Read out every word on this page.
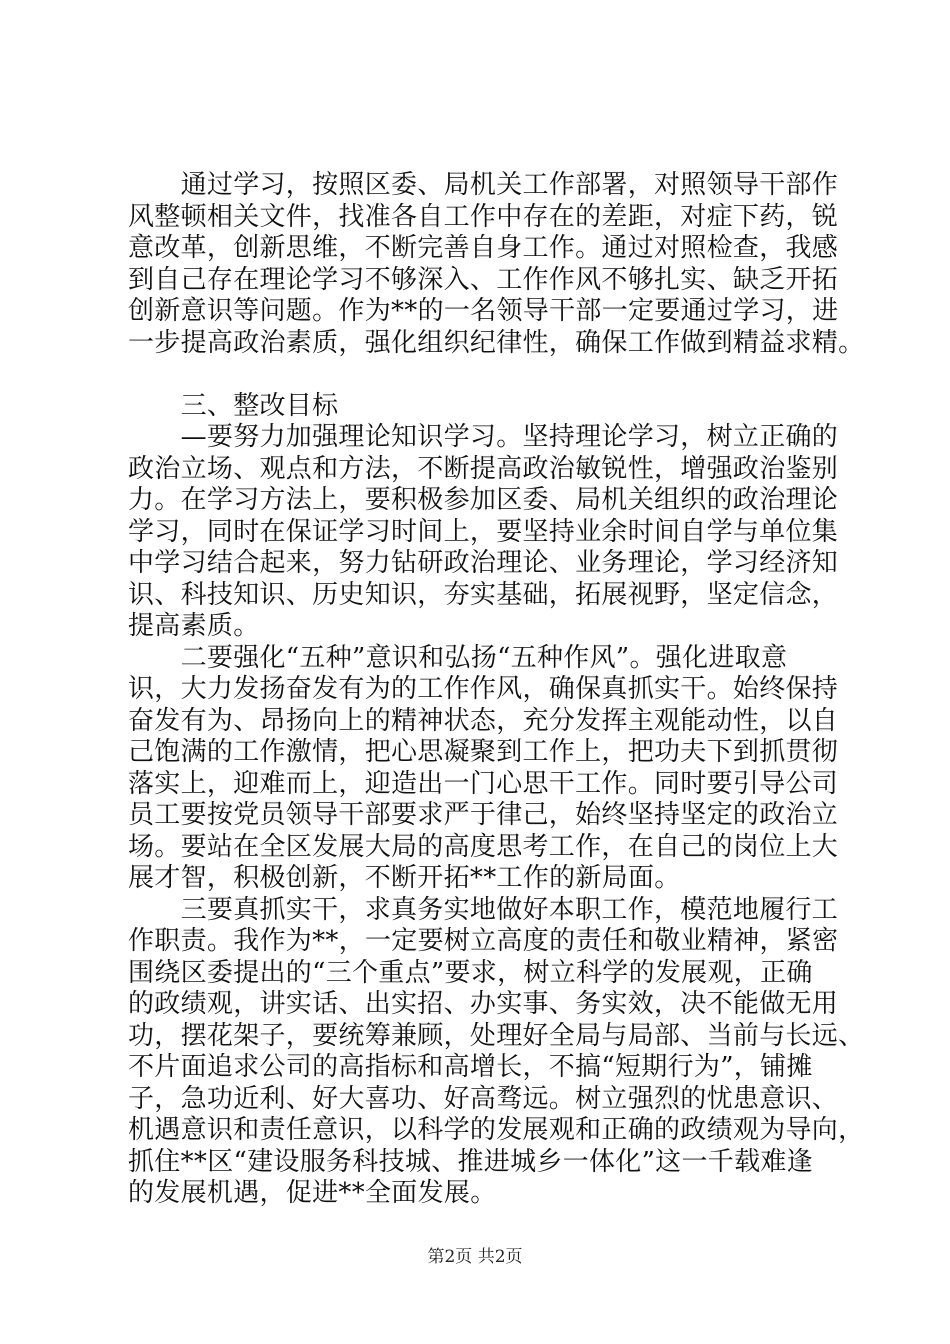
　　通过学习，按照区委、局机关工作部署，对照领导干部作
风整顿相关文件，找准各自工作中存在的差距，对症下药，锐
意改革，创新思维，不断完善自身工作。通过对照检查，我感
到自己存在理论学习不够深入、工作作风不够扎实、缺乏开拓
创新意识等问题。作为**的一名领导干部一定要通过学习，进
一步提高政治素质，强化组织纪律性，确保工作做到精益求精。
　　三、整改目标
　　—要努力加强理论知识学习。坚持理论学习，树立正确的
政治立场、观点和方法，不断提高政治敏锐性，增强政治鉴别
力。在学习方法上，要积极参加区委、局机关组织的政治理论
学习，同时在保证学习时间上，要坚持业余时间自学与单位集
中学习结合起来，努力钻研政治理论、业务理论，学习经济知
识、科技知识、历史知识，夯实基础，拓展视野，坚定信念，
提高素质。
　　二要强化“五种”意识和弘扬“五种作风”。强化进取意
识，大力发扬奋发有为的工作作风，确保真抓实干。始终保持
奋发有为、昂扬向上的精神状态，充分发挥主观能动性，以自
己饱满的工作激情，把心思凝聚到工作上，把功夫下到抓贯彻
落实上，迎难而上，迎造出一门心思干工作。同时要引导公司
员工要按党员领导干部要求严于律己，始终坚持坚定的政治立
场。要站在全区发展大局的高度思考工作，在自己的岗位上大
展才智，积极创新，不断开拓**工作的新局面。
　　三要真抓实干，求真务实地做好本职工作，模范地履行工
作职责。我作为**，一定要树立高度的责任和敬业精神，紧密
围绕区委提出的“三个重点”要求，树立科学的发展观，正确
的政绩观，讲实话、出实招、办实事、务实效，决不能做无用
功，摆花架子，要统筹兼顾，处理好全局与局部、当前与长远、
不片面追求公司的高指标和高增长，不搞“短期行为”，铺摊
子，急功近利、好大喜功、好高骛远。树立强烈的忧患意识、
机遇意识和责任意识，以科学的发展观和正确的政绩观为导向，
抓住**区“建设服务科技城、推进城乡一体化”这一千载难逢
的发展机遇，促进**全面发展。
第2页 共2页
